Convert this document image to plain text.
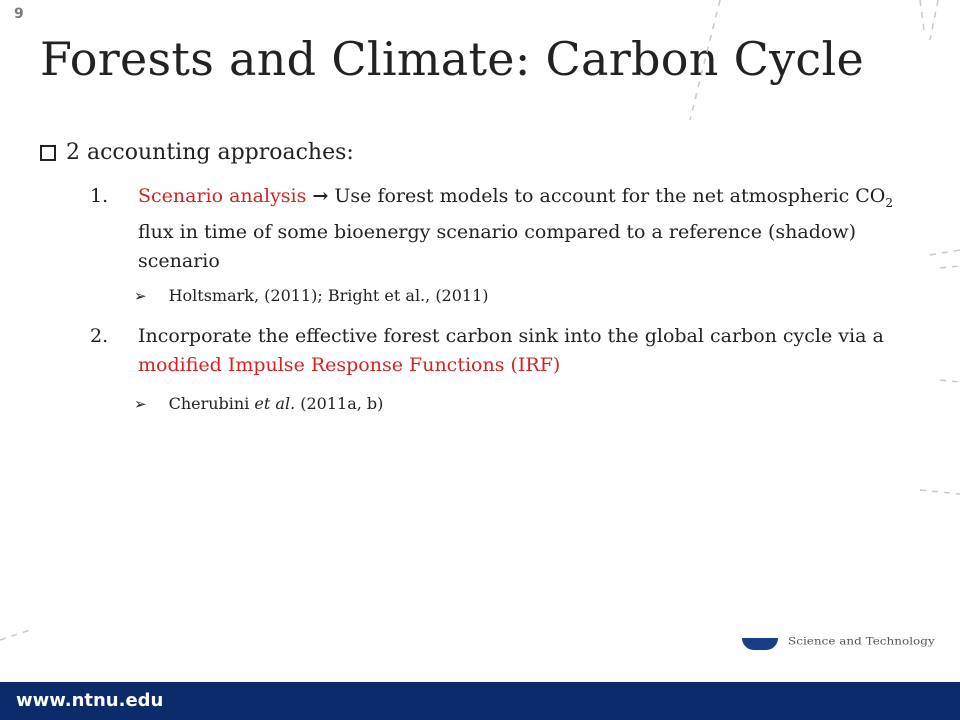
9
Forests and Climate: Carbon Cycle
2 accounting approaches:
1. Scenario analysis → Use forest models to account for the net atmospheric $CO_2$ flux in time of some bioenergy scenario compared to a reference (shadow) scenario
➢ Holtsmark, (2011); Bright et al., (2011)
2. Incorporate the effective forest carbon sink into the global carbon cycle via a modified Impulse Response Functions (IRF)
➢ Cherubini et al. (2011a, b)
Science and Technology
www.ntnu.edu
